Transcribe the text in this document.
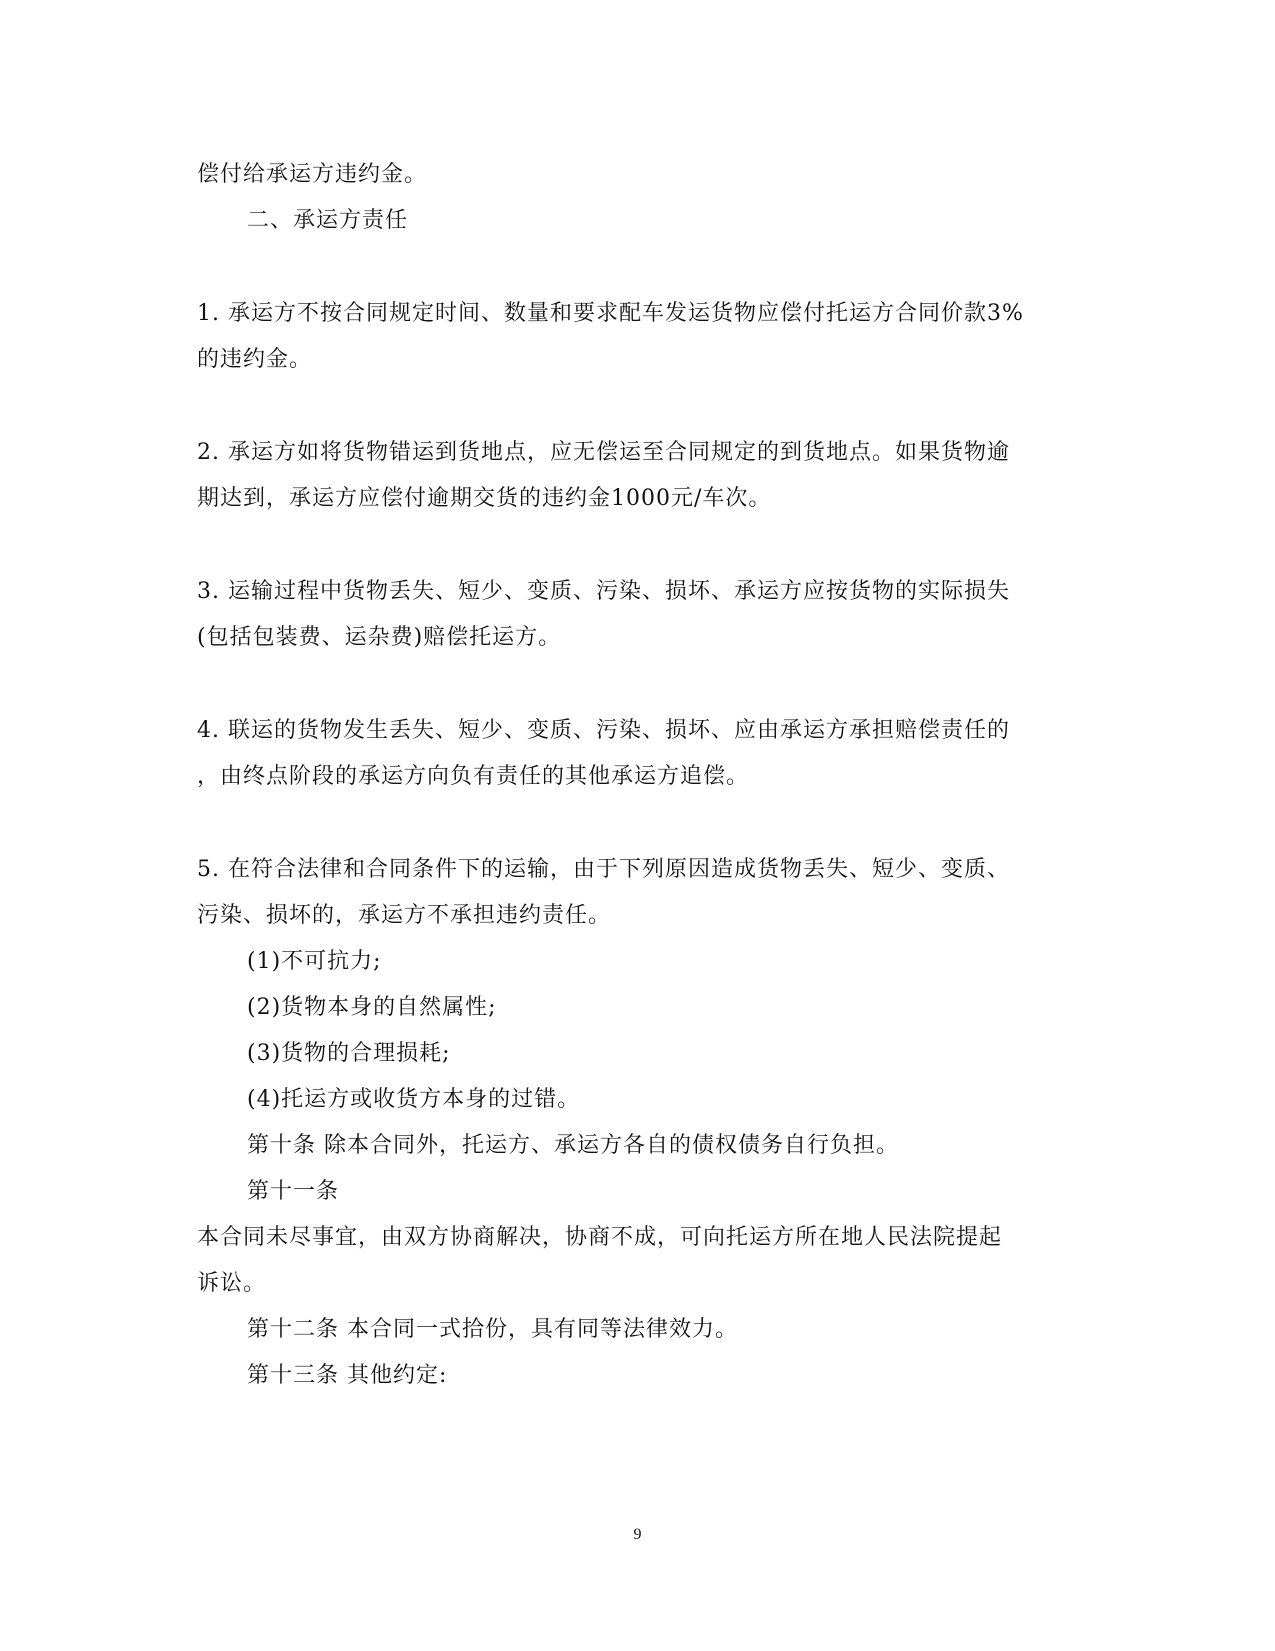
偿付给承运方违约金。
二、承运方责任
1. 承运方不按合同规定时间、数量和要求配车发运货物应偿付托运方合同价款3%
的违约金。
2. 承运方如将货物错运到货地点，应无偿运至合同规定的到货地点。如果货物逾
期达到，承运方应偿付逾期交货的违约金1000元/车次。
3. 运输过程中货物丢失、短少、变质、污染、损坏、承运方应按货物的实际损失
(包括包装费、运杂费)赔偿托运方。
4. 联运的货物发生丢失、短少、变质、污染、损坏、应由承运方承担赔偿责任的
，由终点阶段的承运方向负有责任的其他承运方追偿。
5. 在符合法律和合同条件下的运输，由于下列原因造成货物丢失、短少、变质、
污染、损坏的，承运方不承担违约责任。
(1)不可抗力;
(2)货物本身的自然属性;
(3)货物的合理损耗;
(4)托运方或收货方本身的过错。
第十条 除本合同外，托运方、承运方各自的债权债务自行负担。
第十一条
本合同未尽事宜，由双方协商解决，协商不成，可向托运方所在地人民法院提起
诉讼。
第十二条 本合同一式拾份，具有同等法律效力。
第十三条 其他约定:
9
